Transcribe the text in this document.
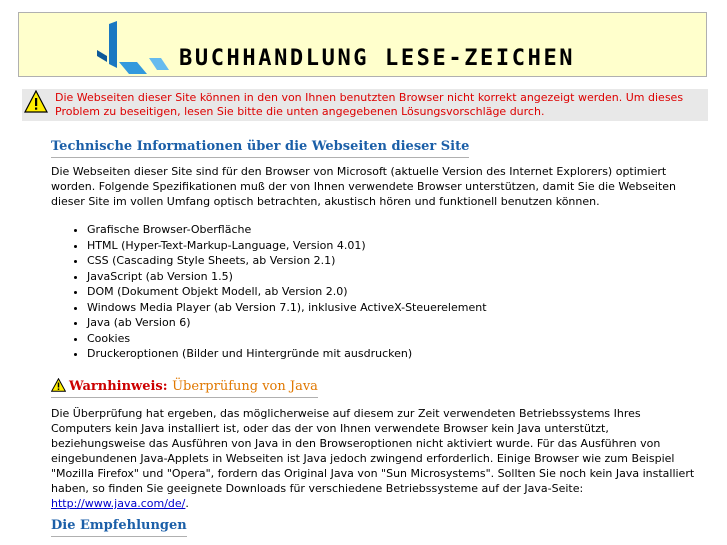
BUCHHANDLUNG LESE-ZEICHEN
Die Webseiten dieser Site können in den von Ihnen benutzten Browser nicht korrekt angezeigt werden. Um dieses Problem zu beseitigen, lesen Sie bitte die unten angegebenen Lösungsvorschläge durch.
Technische Informationen über die Webseiten dieser Site

Die Webseiten dieser Site sind für den Browser von Microsoft (aktuelle Version des Internet Explorers) optimiert worden. Folgende Spezifikationen muß der von Ihnen verwendete Browser unterstützen, damit Sie die Webseiten dieser Site im vollen Umfang optisch betrachten, akustisch hören und funktionell benutzen können.

• Grafische Browser-Oberfläche
• HTML (Hyper-Text-Markup-Language, Version 4.01)
• CSS (Cascading Style Sheets, ab Version 2.1)
• JavaScript (ab Version 1.5)
• DOM (Dokument Objekt Modell, ab Version 2.0)
• Windows Media Player (ab Version 7.1), inklusive ActiveX-Steuerelement
• Java (ab Version 6)
• Cookies
• Druckeroptionen (Bilder und Hintergründe mit ausdrucken)
Warnhinweis: Überprüfung von Java

Die Überprüfung hat ergeben, das möglicherweise auf diesem zur Zeit verwendeten Betriebssystems Ihres Computers kein Java installiert ist, oder das der von Ihnen verwendete Browser kein Java unterstützt, beziehungsweise das Ausführen von Java in den Browseroptionen nicht aktiviert wurde. Für das Ausführen von eingebundenen Java-Applets in Webseiten ist Java jedoch zwingend erforderlich. Einige Browser wie zum Beispiel "Mozilla Firefox" und "Opera", fordern das Original Java von "Sun Microsystems". Sollten Sie noch kein Java installiert haben, so finden Sie geeignete Downloads für verschiedene Betriebssysteme auf der Java-Seite: http://www.java.com/de/.

Die Empfehlungen
